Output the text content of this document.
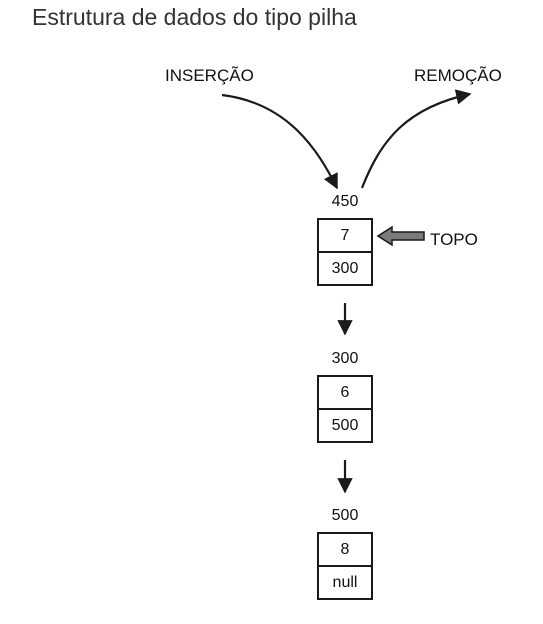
Estrutura de dados do tipo pilha
INSERÇÃO	REMOÇÃO
TOPO
450
7
300
300
6
500
500
8
null
